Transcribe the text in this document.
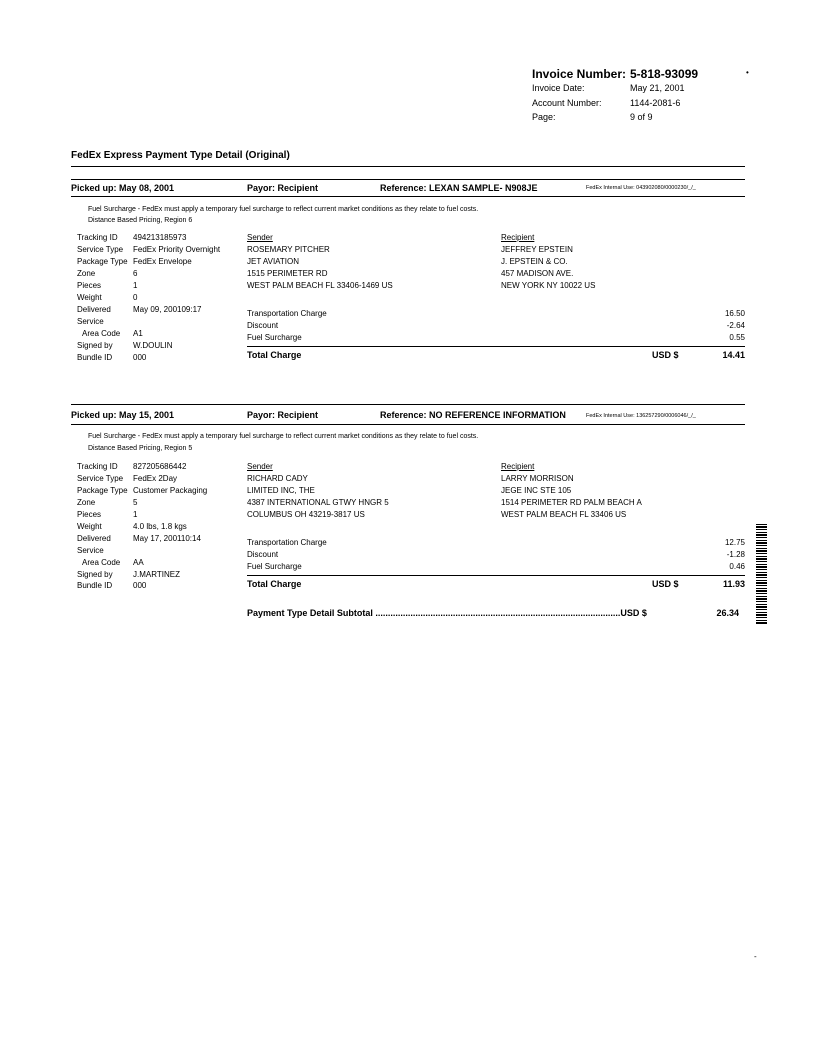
Invoice Number: 5-818-93099	•
Invoice Date:	May 21, 2001
Account Number:	1144-2081-6
Page:	9 of 9
FedEx Express Payment Type Detail (Original)
Picked up: May 08, 2001	Payor: Recipient	Reference: LEXAN SAMPLE- N908JE	FedEx Internal Use: 043902080/0000230/_/_
Fuel Surcharge - FedEx must apply a temporary fuel surcharge to reflect current market conditions as they relate to fuel costs.
Distance Based Pricing, Region 6
Tracking ID 494213185973
Service Type FedEx Priority Overnight
Package Type FedEx Envelope
Zone	6
Pieces	1
Weight	0
Delivered	May 09, 200109:17
Service
Area Code A1
Signed by	W.DOULIN
Bundle ID	000
Sender
ROSEMARY PITCHER
JET AVIATION
1515 PERIMETER RD
WEST PALM BEACH FL 33406-1469 US
Recipient
JEFFREY EPSTEIN
J. EPSTEIN & CO.
457 MADISON AVE.
NEW YORK NY 10022 US
Transportation Charge	16.50
Discount	-2.64
Fuel Surcharge	0.55
Total Charge	USD $	14.41
Picked up: May 15, 2001	Payor: Recipient	Reference: NO REFERENCE INFORMATION	FedEx Internal Use: 136257290/0006046/_/_
Fuel Surcharge - FedEx must apply a temporary fuel surcharge to reflect current market conditions as they relate to fuel costs.
Distance Based Pricing, Region 5
Tracking ID 827205686442
Service Type FedEx 2Day
Package Type Customer Packaging
Zone	5
Pieces	1
Weight	4.0 lbs, 1.8 kgs
Delivered	May 17, 200110:14
Service
Area Code AA
Signed by	J.MARTINEZ
Bundle ID	000
Sender
RICHARD CADY
LIMITED INC, THE
4387 INTERNATIONAL GTWY HNGR 5
COLUMBUS OH 43219-3817 US
Recipient
LARRY MORRISON
JEGE INC STE 105
1514 PERIMETER RD PALM BEACH A
WEST PALM BEACH FL 33406 US
Transportation Charge	12.75
Discount	-1.28
Fuel Surcharge	0.46
Total Charge	USD $	11.93
Payment Type Detail Subtotal ..................................................................................................USD $	26.34
-
